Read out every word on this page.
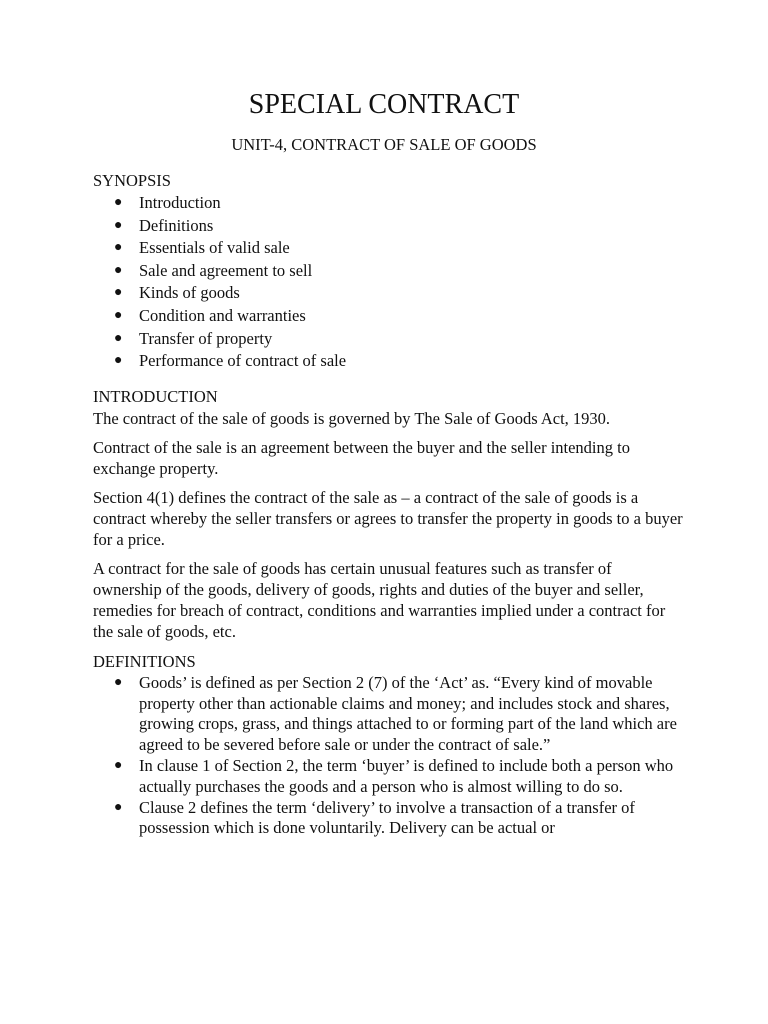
SPECIAL CONTRACT
UNIT-4, CONTRACT OF SALE OF GOODS
SYNOPSIS
● Introduction
● Definitions
● Essentials of valid sale
● Sale and agreement to sell
● Kinds of goods
● Condition and warranties
● Transfer of property
● Performance of contract of sale
INTRODUCTION

The contract of the sale of goods is governed by The Sale of Goods Act, 1930.

Contract of the sale is an agreement between the buyer and the seller intending to exchange property.

Section 4(1) defines the contract of the sale as – a contract of the sale of goods is a contract whereby the seller transfers or agrees to transfer the property in goods to a buyer for a price.

A contract for the sale of goods has certain unusual features such as transfer of ownership of the goods, delivery of goods, rights and duties of the buyer and seller, remedies for breach of contract, conditions and warranties implied under a contract for the sale of goods, etc.

DEFINITIONS
● Goods’ is defined as per Section 2 (7) of the ‘Act’ as. “Every kind of movable property other than actionable claims and money; and includes stock and shares, growing crops, grass, and things attached to or forming part of the land which are agreed to be severed before sale or under the contract of sale.”
● In clause 1 of Section 2, the term ‘buyer’ is defined to include both a person who actually purchases the goods and a person who is almost willing to do so.
● Clause 2 defines the term ‘delivery’ to involve a transaction of a transfer of possession which is done voluntarily. Delivery can be actual or
